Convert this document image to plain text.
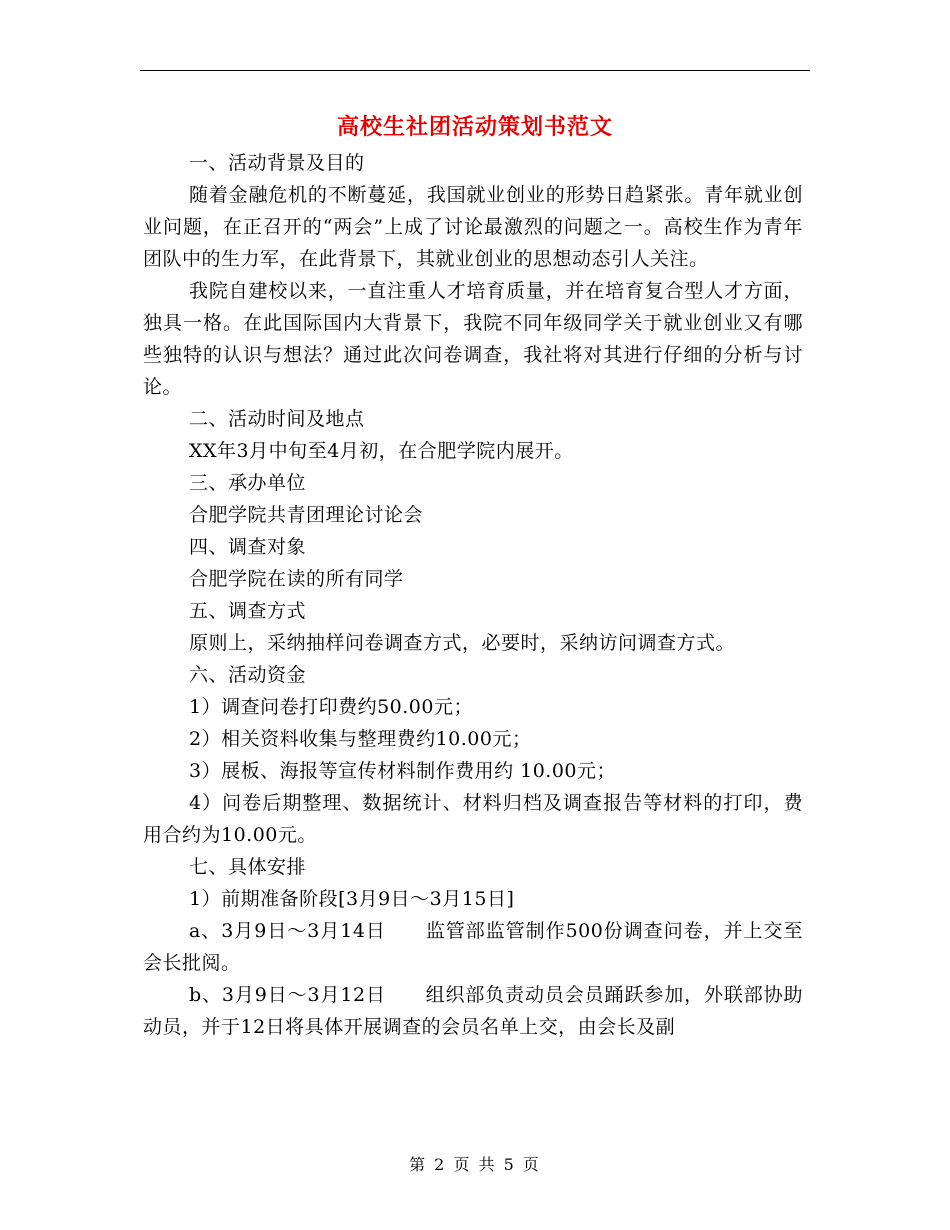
高校生社团活动策划书范文

一、活动背景及目的

随着金融危机的不断蔓延，我国就业创业的形势日趋紧张。青年就业创业问题，在正召开的“两会”上成了讨论最激烈的问题之一。高校生作为青年团队中的生力军，在此背景下，其就业创业的思想动态引人关注。

我院自建校以来，一直注重人才培育质量，并在培育复合型人才方面，独具一格。在此国际国内大背景下，我院不同年级同学关于就业创业又有哪些独特的认识与想法？通过此次问卷调查，我社将对其进行仔细的分析与讨论。

二、活动时间及地点

XX年3月中旬至4月初，在合肥学院内展开。

三、承办单位

合肥学院共青团理论讨论会

四、调查对象

合肥学院在读的所有同学

五、调查方式

原则上，采纳抽样问卷调查方式，必要时，采纳访问调查方式。

六、活动资金

1）调查问卷打印费约50.00元；

2）相关资料收集与整理费约10.00元；

3）展板、海报等宣传材料制作费用约 10.00元；

4）问卷后期整理、数据统计、材料归档及调查报告等材料的打印，费用合约为10.00元。

七、具体安排

1）前期准备阶段[3月9日～3月15日]

a、3月9日～3月14日　　监管部监管制作500份调查问卷，并上交至会长批阅。

b、3月9日～3月12日　　组织部负责动员会员踊跃参加，外联部协助动员，并于12日将具体开展调查的会员名单上交，由会长及副

第 2 页 共 5 页
